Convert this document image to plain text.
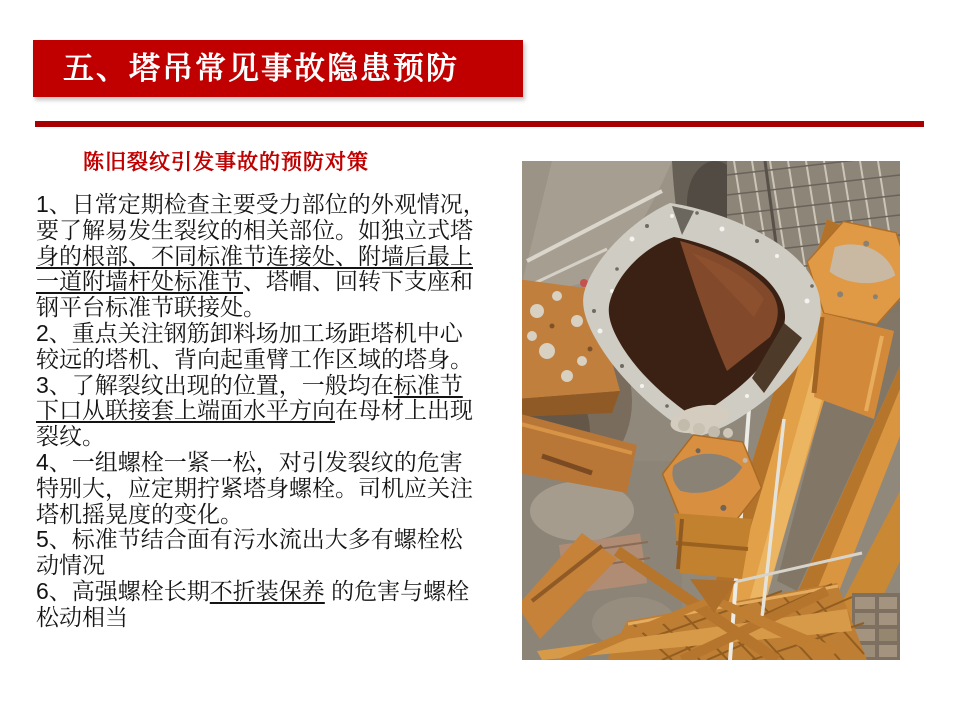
五、塔吊常见事故隐患预防
陈旧裂纹引发事故的预防对策
1、日常定期检查主要受力部位的外观情况，
要了解易发生裂纹的相关部位。如独立式塔
身的根部、不同标准节连接处、附墙后最上
一道附墙杆处标准节、塔帽、回转下支座和
钢平台标准节联接处。
2、重点关注钢筋卸料场加工场距塔机中心
较远的塔机、背向起重臂工作区域的塔身。
3、了解裂纹出现的位置，一般均在标准节
下口从联接套上端面水平方向在母材上出现
裂纹。
4、一组螺栓一紧一松，对引发裂纹的危害
特别大，应定期拧紧塔身螺栓。司机应关注
塔机摇晃度的变化。
5、标准节结合面有污水流出大多有螺栓松
动情况
6、高强螺栓长期不折装保养 的危害与螺栓
松动相当
